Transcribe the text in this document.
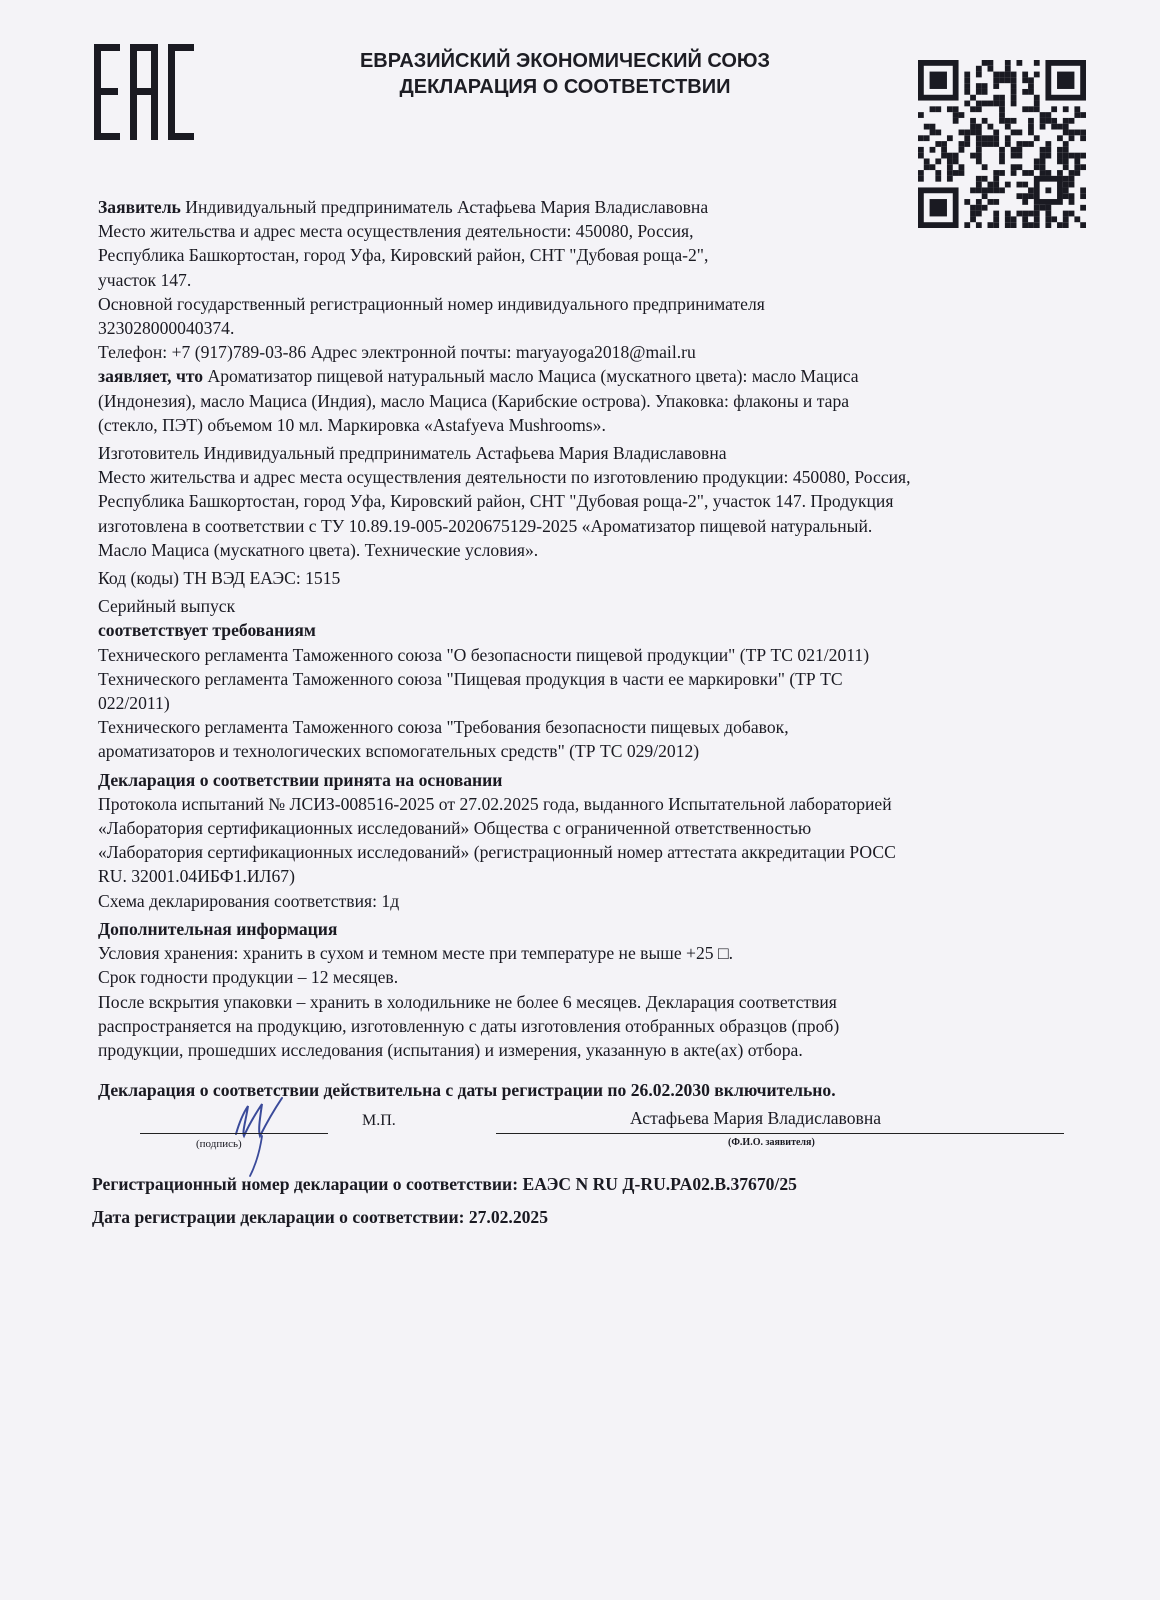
ЕВРАЗИЙСКИЙ ЭКОНОМИЧЕСКИЙ СОЮЗ
ДЕКЛАРАЦИЯ О СООТВЕТСТВИИ

Заявитель Индивидуальный предприниматель Астафьева Мария Владиславовна

Место жительства и адрес места осуществления деятельности: 450080, Россия,

Республика Башкортостан, город Уфа, Кировский район, СНТ "Дубовая роща-2",

участок 147.

Основной государственный регистрационный номер индивидуального предпринимателя

323028000040374.

Телефон: +7 (917)789-03-86 Адрес электронной почты: maryayoga2018@mail.ru

заявляет, что Ароматизатор пищевой натуральный масло Мациса (мускатного цвета): масло Мациса

(Индонезия), масло Мациса (Индия), масло Мациса (Карибские острова). Упаковка: флаконы и тара

(стекло, ПЭТ) объемом 10 мл. Маркировка «Astafyeva Mushrooms».

Изготовитель Индивидуальный предприниматель Астафьева Мария Владиславовна

Место жительства и адрес места осуществления деятельности по изготовлению продукции: 450080, Россия,

Республика Башкортостан, город Уфа, Кировский район, СНТ "Дубовая роща-2", участок 147. Продукция

изготовлена в соответствии с ТУ 10.89.19-005-2020675129-2025 «Ароматизатор пищевой натуральный.

Масло Мациса (мускатного цвета). Технические условия».

Код (коды) ТН ВЭД ЕАЭС: 1515

Серийный выпуск

соответствует требованиям

Технического регламента Таможенного союза "О безопасности пищевой продукции" (ТР ТС 021/2011)

Технического регламента Таможенного союза "Пищевая продукция в части ее маркировки" (ТР ТС

022/2011)

Технического регламента Таможенного союза "Требования безопасности пищевых добавок,

ароматизаторов и технологических вспомогательных средств" (ТР ТС 029/2012)

Декларация о соответствии принята на основании

Протокола испытаний № ЛСИЗ-008516-2025 от 27.02.2025 года, выданного Испытательной лабораторией

«Лаборатория сертификационных исследований» Общества с ограниченной ответственностью

«Лаборатория сертификационных исследований» (регистрационный номер аттестата аккредитации РОСС

RU. 32001.04ИБФ1.ИЛ67)

Схема декларирования соответствия: 1д

Дополнительная информация

Условия хранения: хранить в сухом и темном месте при температуре не выше +25 □.

Срок годности продукции – 12 месяцев.

После вскрытия упаковки – хранить в холодильнике не более 6 месяцев. Декларация соответствия

распространяется на продукцию, изготовленную с даты изготовления отобранных образцов (проб)

продукции, прошедших исследования (испытания) и измерения, указанную в акте(ах) отбора.

Декларация о соответствии действительна с даты регистрации по 26.02.2030 включительно.
(подпись)
М.П.	Астафьева Мария Владиславовна
(Ф.И.О. заявителя)
Регистрационный номер декларации о соответствии: ЕАЭС N RU Д-RU.PA02.B.37670/25
Дата регистрации декларации о соответствии: 27.02.2025
